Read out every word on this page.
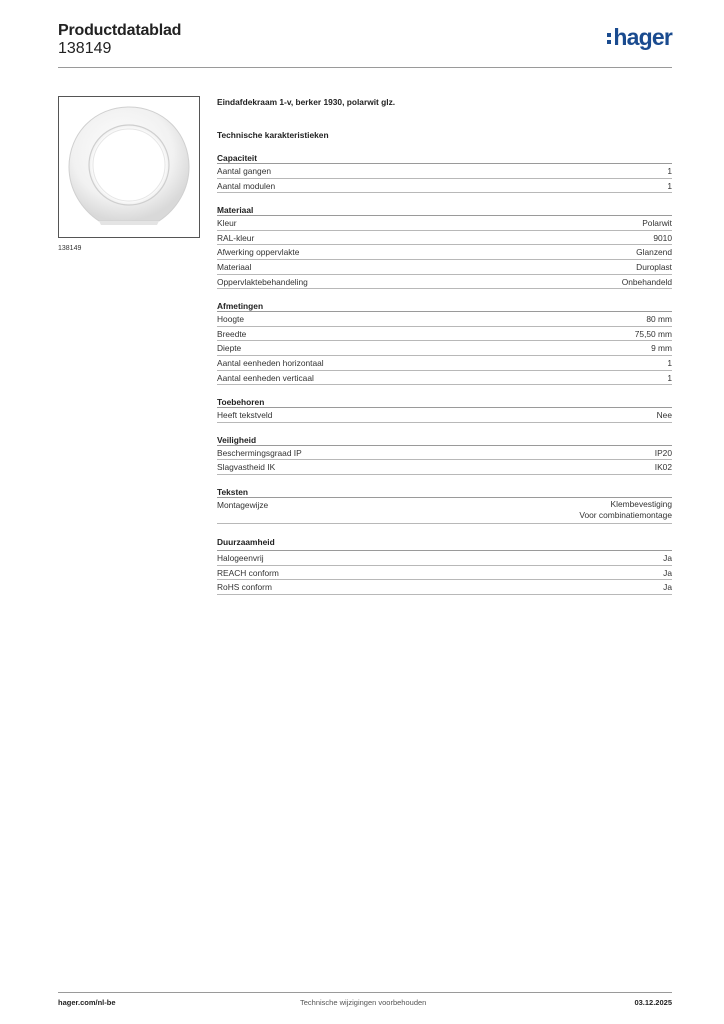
Productdatablad
138149	hager
138149
Eindafdekraam 1-v, berker 1930, polarwit glz.
Technische karakteristieken
Capaciteit
Aantal gangen	1
Aantal modulen	1
Materiaal
Kleur	Polarwit
RAL-kleur	9010
Afwerking oppervlakte	Glanzend
Materiaal	Duroplast
Oppervlaktebehandeling	Onbehandeld
Afmetingen
Hoogte	80 mm
Breedte	75,50 mm
Diepte	9 mm
Aantal eenheden horizontaal	1
Aantal eenheden verticaal	1
Toebehoren
Heeft tekstveld	Nee
Veiligheid
Beschermingsgraad IP	IP20
Slagvastheid IK	IK02
Teksten
Montagewijze	Klembevestiging
Voor combinatiemontage
Duurzaamheid
Halogeenvrij	Ja
REACH conform	Ja
RoHS conform	Ja
hager.com/nl-be	Technische wijzigingen voorbehouden	03.12.2025
